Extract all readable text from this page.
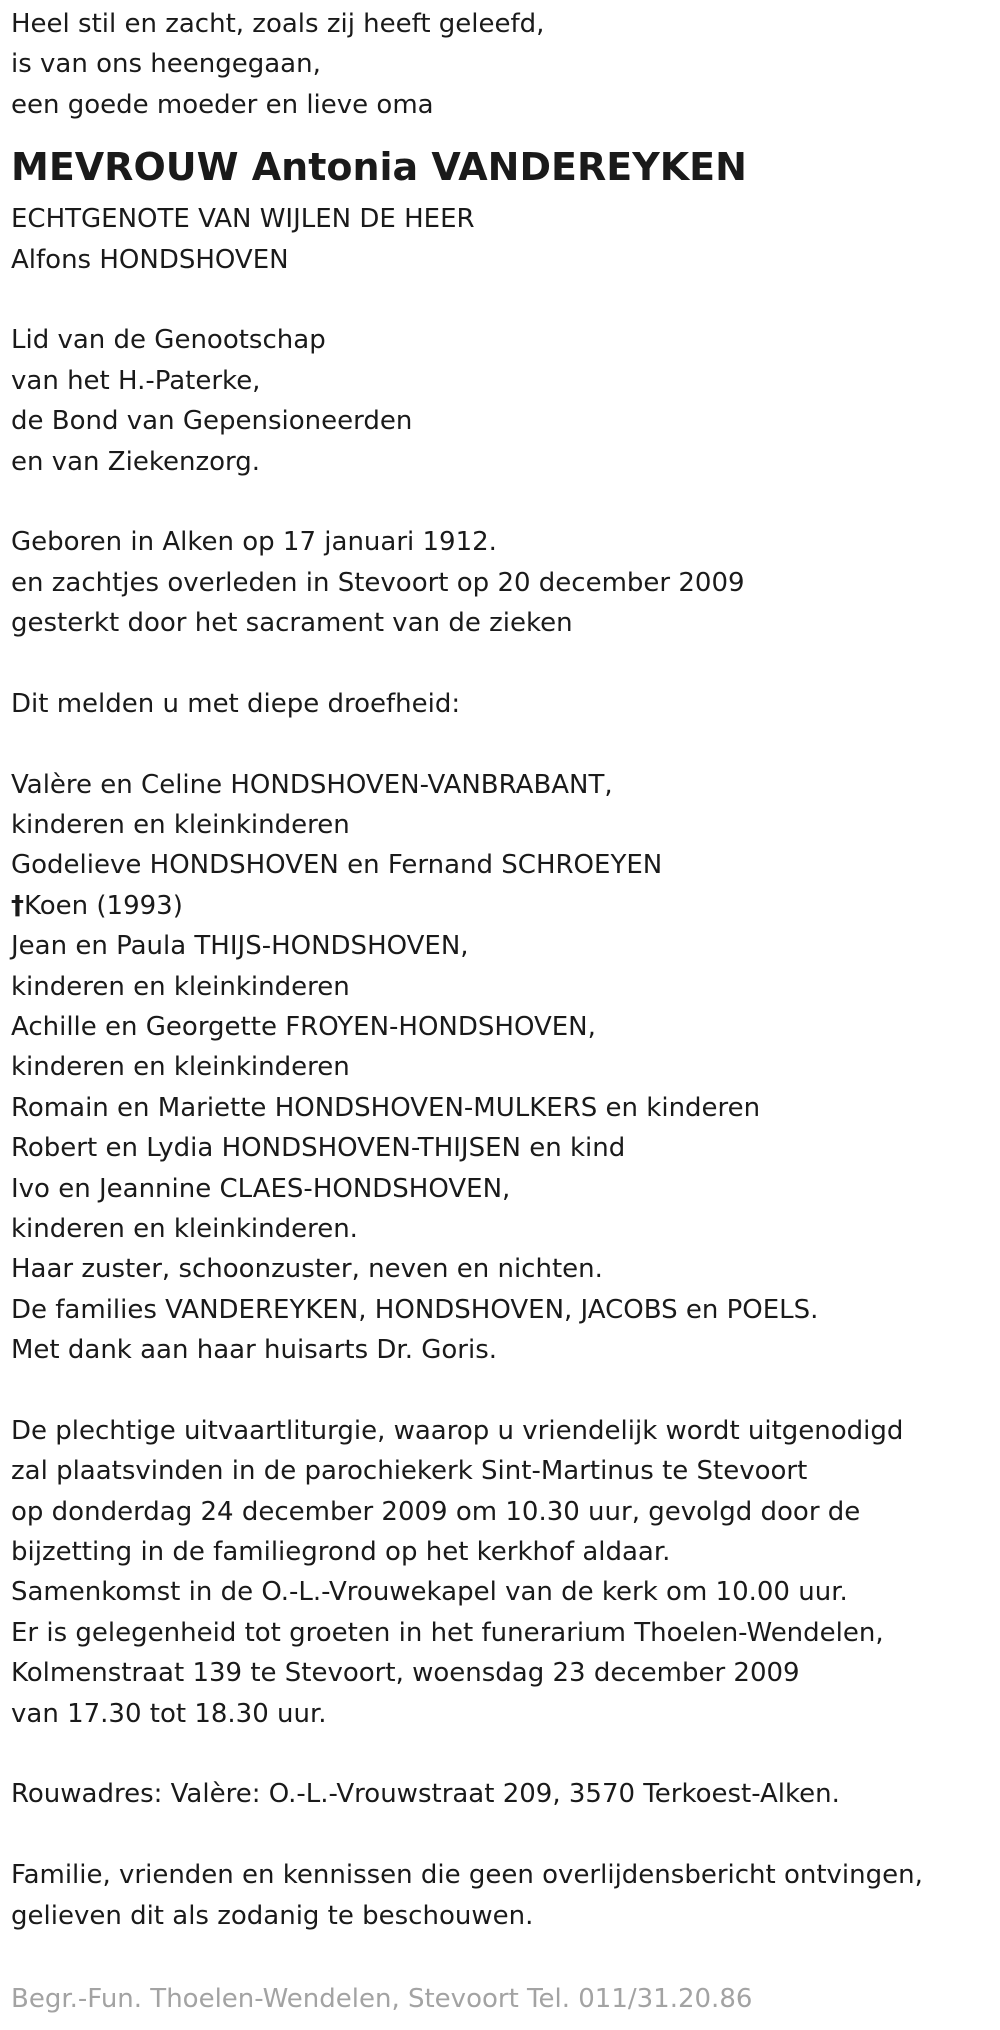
Heel stil en zacht, zoals zij heeft geleefd,
is van ons heengegaan,
een goede moeder en lieve oma
MEVROUW Antonia VANDEREYKEN
ECHTGENOTE VAN WIJLEN DE HEER
Alfons HONDSHOVEN
Lid van de Genootschap
van het H.-Paterke,
de Bond van Gepensioneerden
en van Ziekenzorg.
Geboren in Alken op 17 januari 1912.
en zachtjes overleden in Stevoort op 20 december 2009
gesterkt door het sacrament van de zieken
Dit melden u met diepe droefheid:
Valère en Celine HONDSHOVEN-VANBRABANT,
kinderen en kleinkinderen
Godelieve HONDSHOVEN en Fernand SCHROEYEN
†Koen (1993)
Jean en Paula THIJS-HONDSHOVEN,
kinderen en kleinkinderen
Achille en Georgette FROYEN-HONDSHOVEN,
kinderen en kleinkinderen
Romain en Mariette HONDSHOVEN-MULKERS en kinderen
Robert en Lydia HONDSHOVEN-THIJSEN en kind
Ivo en Jeannine CLAES-HONDSHOVEN,
kinderen en kleinkinderen.
Haar zuster, schoonzuster, neven en nichten.
De families VANDEREYKEN, HONDSHOVEN, JACOBS en POELS.
Met dank aan haar huisarts Dr. Goris.
De plechtige uitvaartliturgie, waarop u vriendelijk wordt uitgenodigd
zal plaatsvinden in de parochiekerk Sint-Martinus te Stevoort
op donderdag 24 december 2009 om 10.30 uur, gevolgd door de
bijzetting in de familiegrond op het kerkhof aldaar.
Samenkomst in de O.-L.-Vrouwekapel van de kerk om 10.00 uur.
Er is gelegenheid tot groeten in het funerarium Thoelen-Wendelen,
Kolmenstraat 139 te Stevoort, woensdag 23 december 2009
van 17.30 tot 18.30 uur.
Rouwadres: Valère: O.-L.-Vrouwstraat 209, 3570 Terkoest-Alken.
Familie, vrienden en kennissen die geen overlijdensbericht ontvingen,
gelieven dit als zodanig te beschouwen.
Begr.-Fun. Thoelen-Wendelen, Stevoort Tel. 011/31.20.86
